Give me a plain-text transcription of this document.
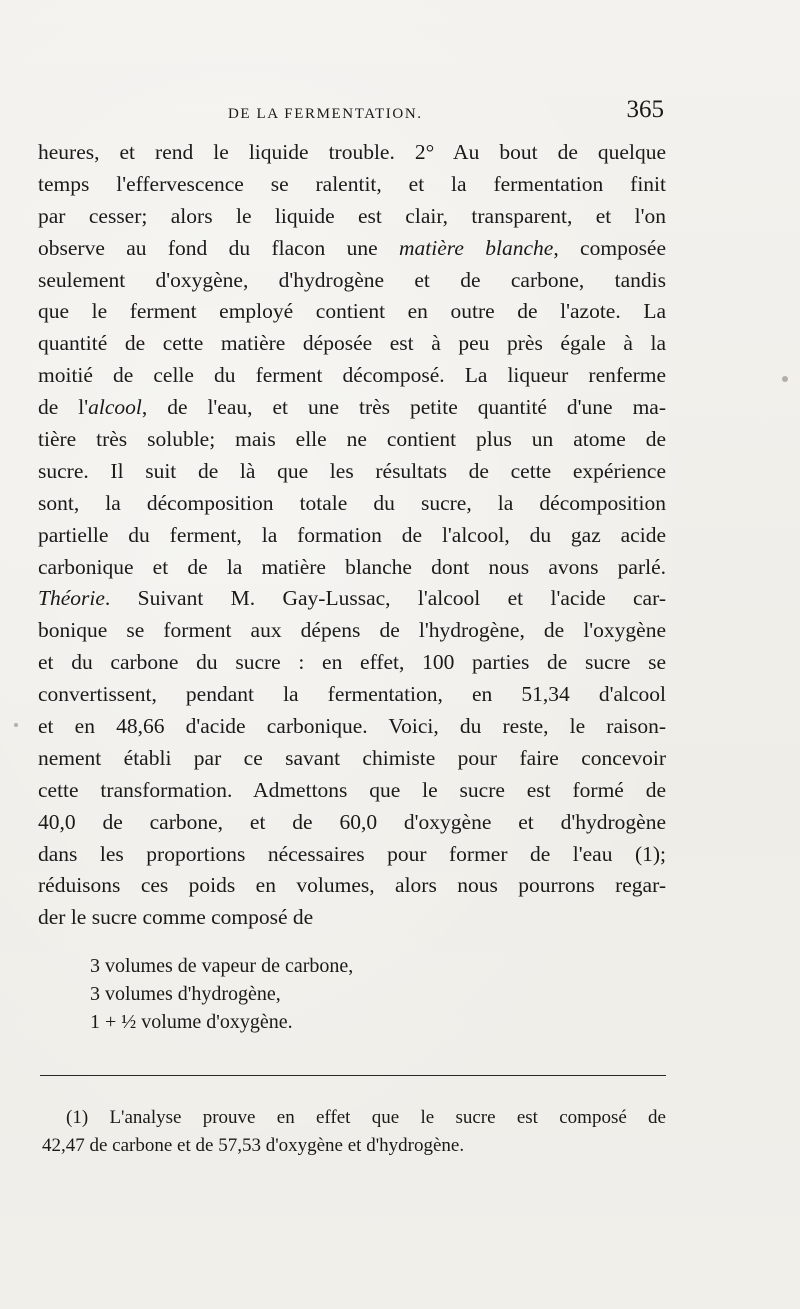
DE LA FERMENTATION.	365
heures, et rend le liquide trouble. 2° Au bout de quelque
temps l'effervescence se ralentit, et la fermentation finit
par cesser; alors le liquide est clair, transparent, et l'on
observe au fond du flacon une matière blanche, composée
seulement d'oxygène, d'hydrogène et de carbone, tandis
que le ferment employé contient en outre de l'azote. La
quantité de cette matière déposée est à peu près égale à la
moitié de celle du ferment décomposé. La liqueur renferme
de l'alcool, de l'eau, et une très petite quantité d'une ma-
tière très soluble; mais elle ne contient plus un atome de
sucre. Il suit de là que les résultats de cette expérience
sont, la décomposition totale du sucre, la décomposition
partielle du ferment, la formation de l'alcool, du gaz acide
carbonique et de la matière blanche dont nous avons parlé.
Théorie. Suivant M. Gay-Lussac, l'alcool et l'acide car-
bonique se forment aux dépens de l'hydrogène, de l'oxygène
et du carbone du sucre : en effet, 100 parties de sucre se
convertissent, pendant la fermentation, en 51,34 d'alcool
et en 48,66 d'acide carbonique. Voici, du reste, le raison-
nement établi par ce savant chimiste pour faire concevoir
cette transformation. Admettons que le sucre est formé de
40,0 de carbone, et de 60,0 d'oxygène et d'hydrogène
dans les proportions nécessaires pour former de l'eau (1);
réduisons ces poids en volumes, alors nous pourrons regar-
der le sucre comme composé de
3 volumes de vapeur de carbone,
3 volumes d'hydrogène,
1 + ½ volume d'oxygène.
(1) L'analyse prouve en effet que le sucre est composé de
42,47 de carbone et de 57,53 d'oxygène et d'hydrogène.
